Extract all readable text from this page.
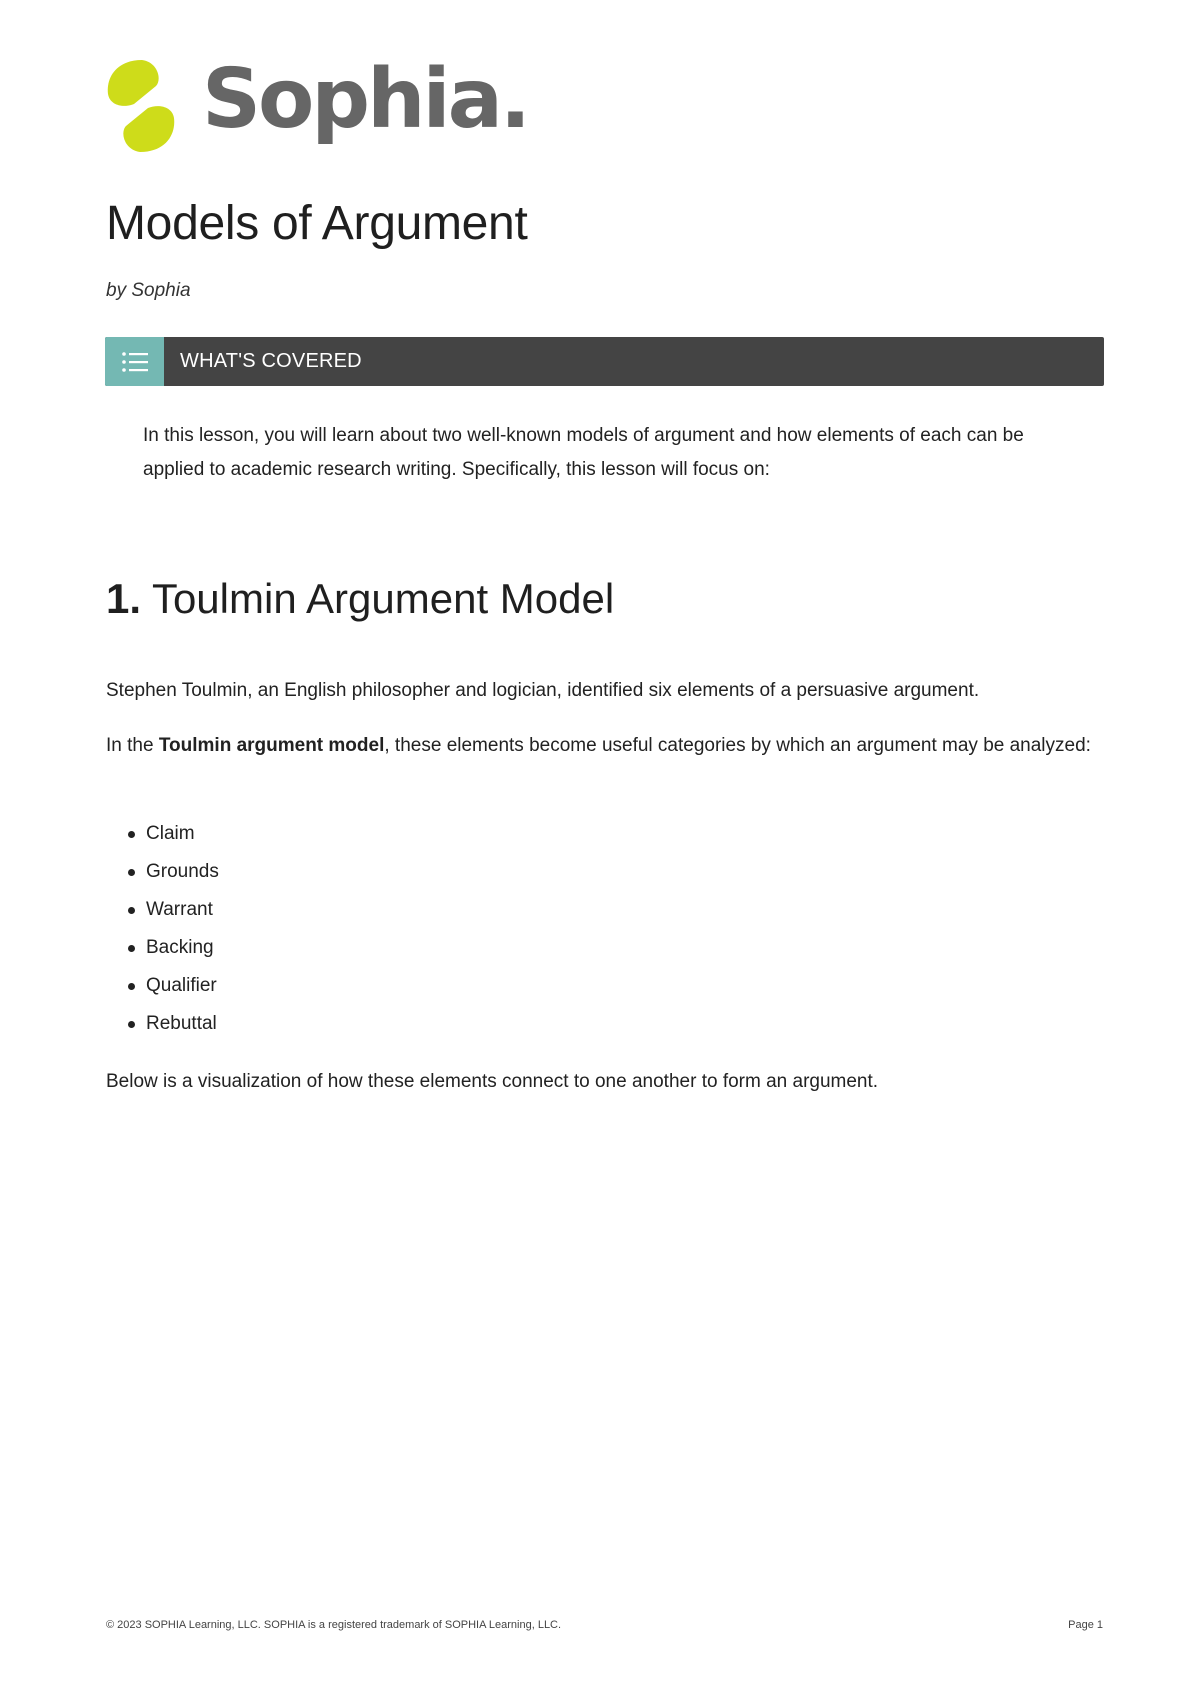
Sophia.
Models of Argument
by Sophia
WHAT'S COVERED

In this lesson, you will learn about two well-known models of argument and how elements of each can be applied to academic research writing. Specifically, this lesson will focus on:

1. Toulmin Argument Model

Stephen Toulmin, an English philosopher and logician, identified six elements of a persuasive argument.

In the Toulmin argument model, these elements become useful categories by which an argument may be analyzed:

Claim
Grounds
Warrant
Backing
Qualifier
Rebuttal

Below is a visualization of how these elements connect to one another to form an argument.

© 2023 SOPHIA Learning, LLC. SOPHIA is a registered trademark of SOPHIA Learning, LLC.	Page 1
